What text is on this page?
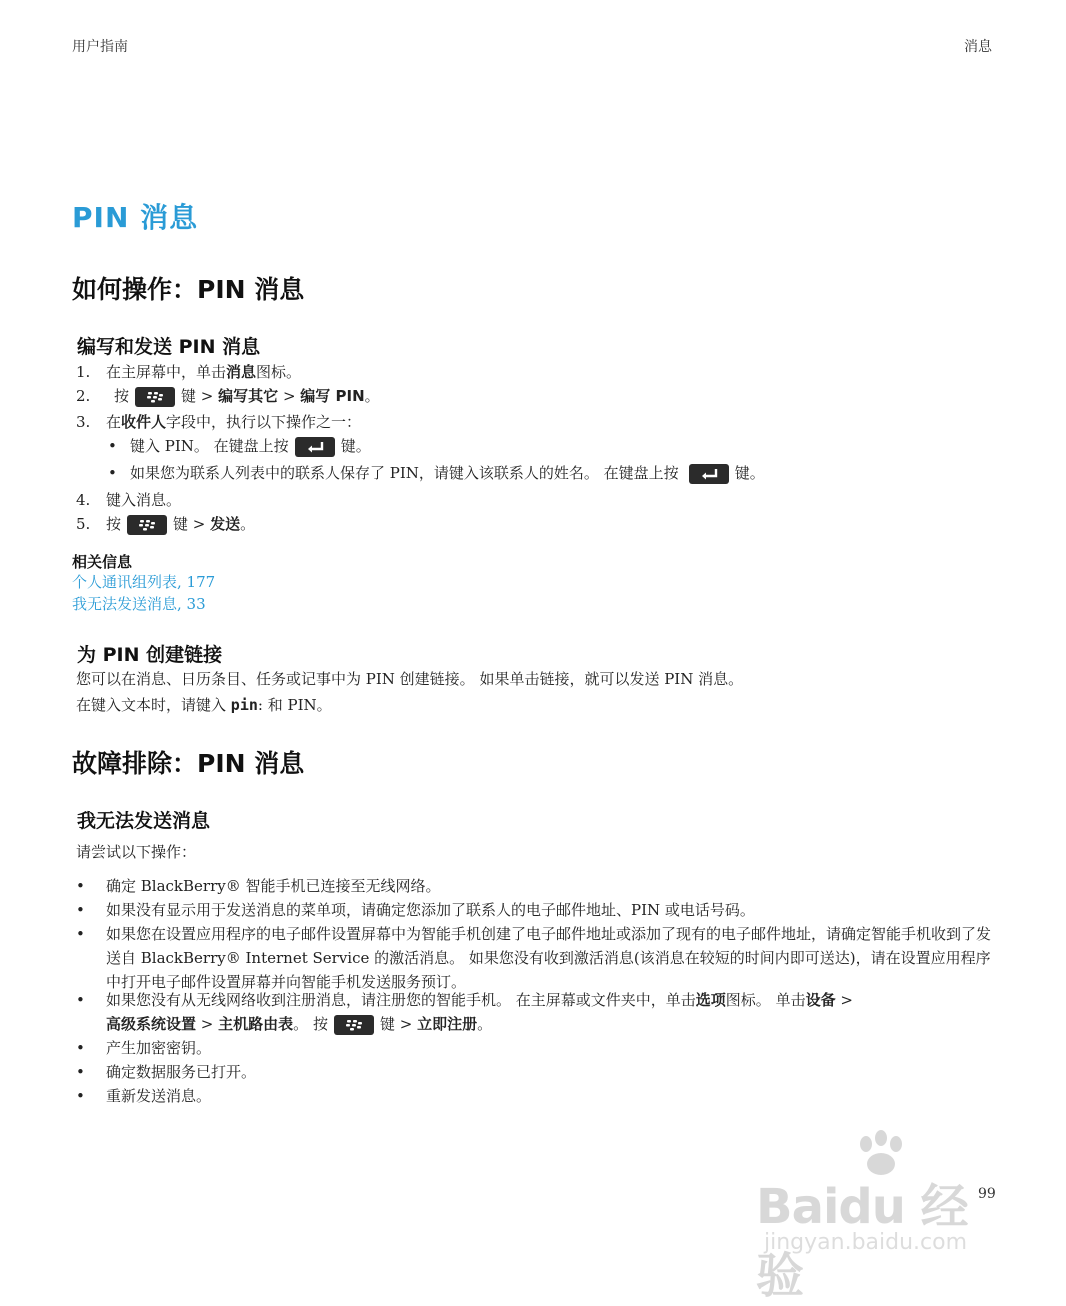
用户指南	消息
PIN 消息
如何操作：PIN 消息
编写和发送 PIN 消息
1.	在主屏幕中，单击消息图标。
2.	按	键 > 编写其它 > 编写 PIN。
3.	在收件人字段中，执行以下操作之一：
• 键入 PIN。 在键盘上按	键。
• 如果您为联系人列表中的联系人保存了 PIN，请键入该联系人的姓名。 在键盘上按	键。
4.	键入消息。
5.	按	键 > 发送。
相关信息
个人通讯组列表, 177
我无法发送消息, 33
为 PIN 创建链接
您可以在消息、日历条目、任务或记事中为 PIN 创建链接。 如果单击链接，就可以发送 PIN 消息。
在键入文本时，请键入 pin: 和 PIN。
故障排除：PIN 消息
我无法发送消息
请尝试以下操作：
•	确定 BlackBerry® 智能手机已连接至无线网络。
•	如果没有显示用于发送消息的菜单项，请确定您添加了联系人的电子邮件地址、PIN 或电话号码。
•	如果您在设置应用程序的电子邮件设置屏幕中为智能手机创建了电子邮件地址或添加了现有的电子邮件地址，请确定智能手机收到了发送自 BlackBerry® Internet Service 的激活消息。 如果您没有收到激活消息(该消息在较短的时间内即可送达)，请在设置应用程序中打开电子邮件设置屏幕并向智能手机发送服务预订。
•	如果您没有从无线网络收到注册消息，请注册您的智能手机。 在主屏幕或文件夹中，单击选项图标。 单击设备 >
高级系统设置 > 主机路由表。 按	键 > 立即注册。
•	产生加密密钥。
•	确定数据服务已打开。
•	重新发送消息。
Baidu 经验
jingyan.baidu.com
99
